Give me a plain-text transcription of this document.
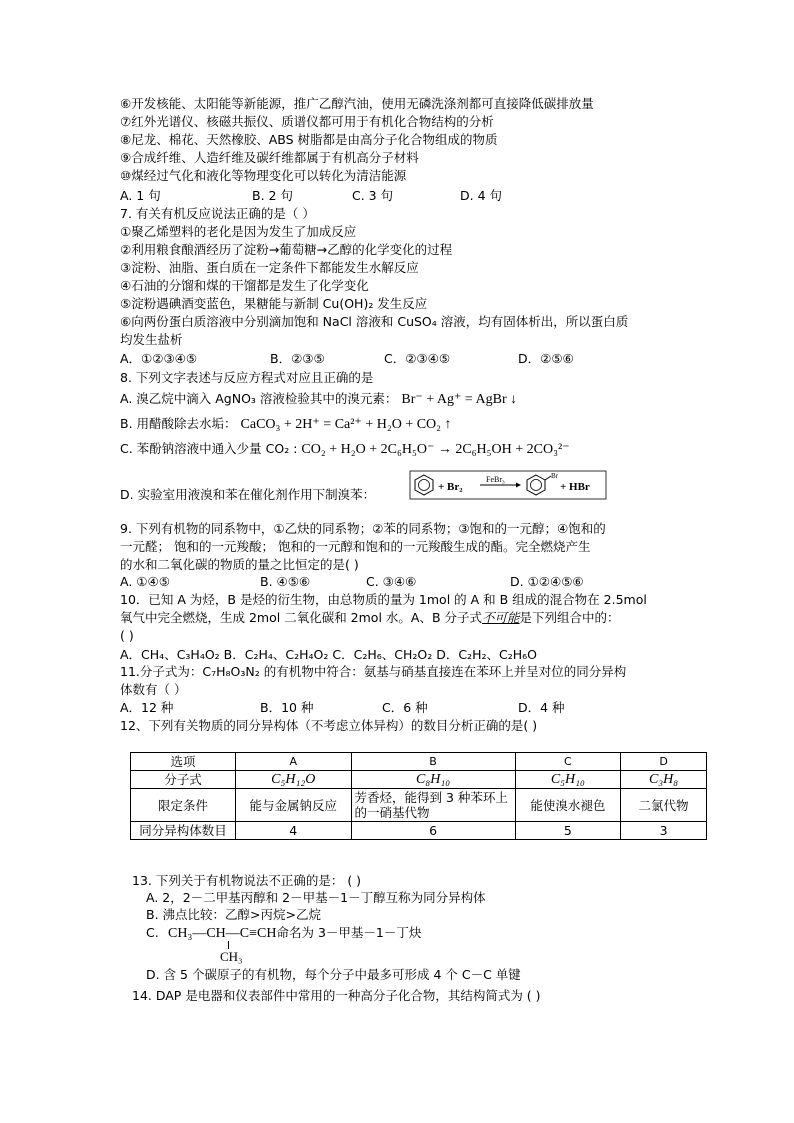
⑥开发核能、太阳能等新能源，推广乙醇汽油，使用无磷洗涤剂都可直接降低碳排放量
⑦红外光谱仪、核磁共振仪、质谱仪都可用于有机化合物结构的分析
⑧尼龙、棉花、天然橡胶、ABS 树脂都是由高分子化合物组成的物质
⑨合成纤维、人造纤维及碳纤维都属于有机高分子材料
⑩煤经过气化和液化等物理变化可以转化为清洁能源
A. 1 句	B. 2 句	C. 3 句	D. 4 句
7. 有关有机反应说法正确的是（ ）
①聚乙烯塑料的老化是因为发生了加成反应
②利用粮食酿酒经历了淀粉→葡萄糖→乙醇的化学变化的过程
③淀粉、油脂、蛋白质在一定条件下都能发生水解反应
④石油的分馏和煤的干馏都是发生了化学变化
⑤淀粉遇碘酒变蓝色，果糖能与新制 Cu(OH)₂ 发生反应
⑥向两份蛋白质溶液中分别滴加饱和 NaCl 溶液和 CuSO₄ 溶液，均有固体析出，所以蛋白质
均发生盐析
A．①②③④⑤	B．②③⑤	C．②③④⑤	D．②⑤⑥
8. 下列文字表述与反应方程式对应且正确的是
A. 溴乙烷中滴入 AgNO₃ 溶液检验其中的溴元素： Br⁻ + Ag⁺ = AgBr ↓
B. 用醋酸除去水垢： CaCO₃ + 2H⁺ = Ca²⁺ + H₂O + CO₂ ↑
C. 苯酚钠溶液中通入少量 CO₂ : CO₂ + H₂O + 2C₆H₅O⁻ → 2C₆H₅OH + 2CO₃²⁻
D. 实验室用液溴和苯在催化剂作用下制溴苯：	+ Br₂
FeBr₃	Br
+ HBr
9. 下列有机物的同系物中，①乙炔的同系物；②苯的同系物；③饱和的一元醇；④饱和的
一元醛； 饱和的一元羧酸； 饱和的一元醇和饱和的一元羧酸生成的酯。完全燃烧产生
的水和二氧化碳的物质的量之比恒定的是( )
A. ①④⑤	B. ④⑤⑥	C. ③④⑥	D. ①②④⑤⑥
10．已知 A 为烃，B 是烃的衍生物，由总物质的量为 1mol 的 A 和 B 组成的混合物在 2.5mol
氧气中完全燃烧，生成 2mol 二氧化碳和 2mol 水。A、B 分子式不可能是下列组合中的：
( )
A．CH₄、C₃H₄O₂ B．C₂H₄、C₂H₄O₂ C．C₂H₆、CH₂O₂ D．C₂H₂、C₂H₆O
11.分子式为：C₇H₈O₃N₂ 的有机物中符合：氨基与硝基直接连在苯环上并呈对位的同分异构
体数有（ ）
A．12 种	B．10 种	C．6 种	D．4 种
12、下列有关物质的同分异构体（不考虑立体异构）的数目分析正确的是( )
选项	A	B	C	D
分子式	C₅H₁₂O	C₈H₁₀	C₅H₁₀	C₃H₈
限定条件	能与金属钠反应	芳香烃，能得到 3 种苯环上的一硝基代物	能使溴水褪色	二氯代物
同分异构体数目	4	6	5	3
13. 下列关于有机物说法不正确的是： ( )
A. 2，2－二甲基丙醇和 2－甲基－1－丁醇互称为同分异构体
B. 沸点比较：乙醇>丙烷>乙烷
C. CH₃—CH—C≡CH命名为 3－甲基－1－丁炔
CH₃
D. 含 5 个碳原子的有机物，每个分子中最多可形成 4 个 C－C 单键
14. DAP 是电器和仪表部件中常用的一种高分子化合物，其结构简式为 ( )
